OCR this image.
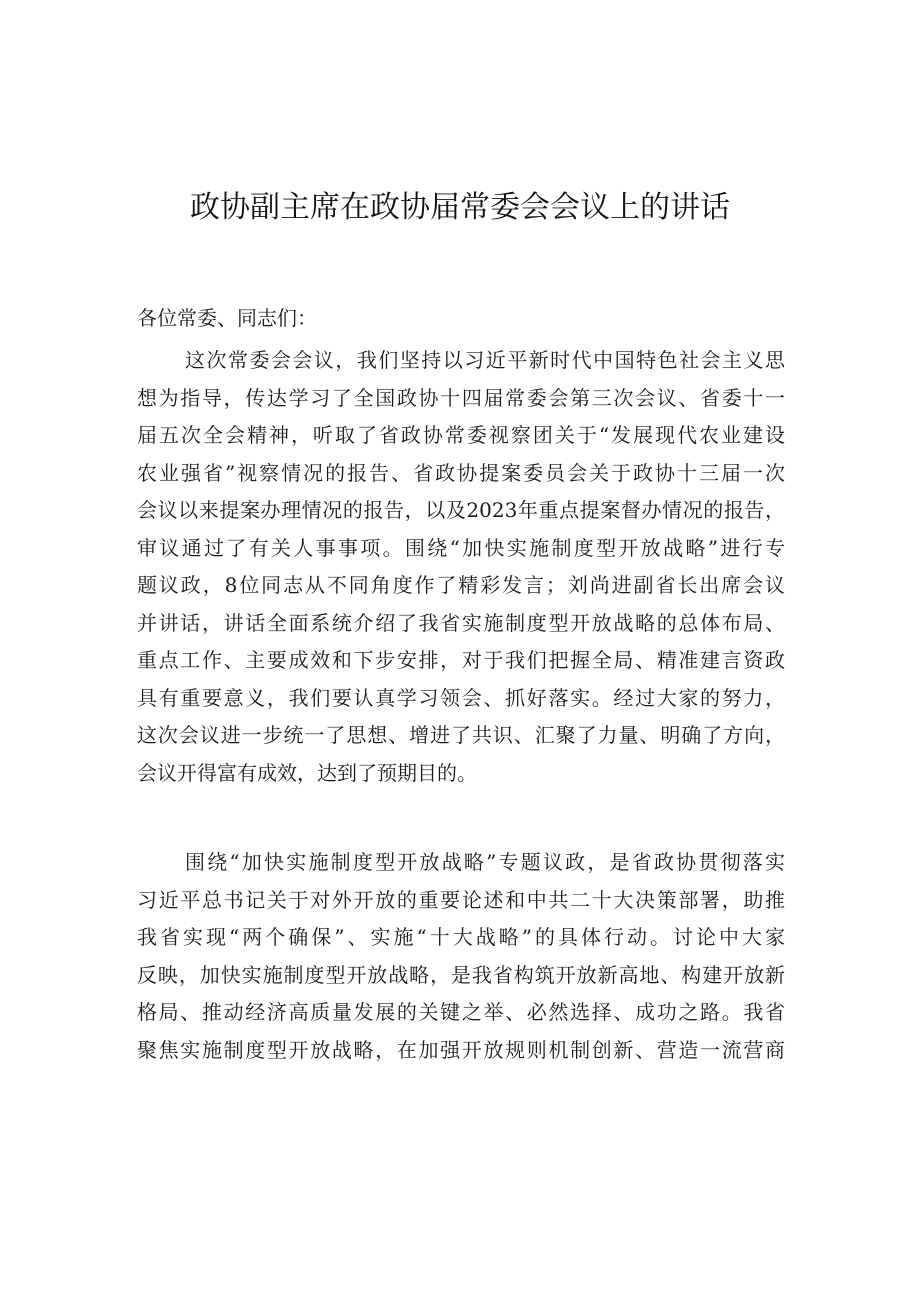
政协副主席在政协届常委会会议上的讲话

各位常委、同志们：

这次常委会会议，我们坚持以习近平新时代中国特色社会主义思
想为指导，传达学习了全国政协十四届常委会第三次会议、省委十一
届五次全会精神，听取了省政协常委视察团关于“发展现代农业建设
农业强省”视察情况的报告、省政协提案委员会关于政协十三届一次
会议以来提案办理情况的报告，以及2023年重点提案督办情况的报告，
审议通过了有关人事事项。围绕“加快实施制度型开放战略”进行专
题议政，8位同志从不同角度作了精彩发言；刘尚进副省长出席会议
并讲话，讲话全面系统介绍了我省实施制度型开放战略的总体布局、
重点工作、主要成效和下步安排，对于我们把握全局、精准建言资政
具有重要意义，我们要认真学习领会、抓好落实。经过大家的努力，
这次会议进一步统一了思想、增进了共识、汇聚了力量、明确了方向，
会议开得富有成效，达到了预期目的。
围绕“加快实施制度型开放战略”专题议政，是省政协贯彻落实
习近平总书记关于对外开放的重要论述和中共二十大决策部署，助推
我省实现“两个确保”、实施“十大战略”的具体行动。讨论中大家
反映，加快实施制度型开放战略，是我省构筑开放新高地、构建开放新
格局、推动经济高质量发展的关键之举、必然选择、成功之路。我省
聚焦实施制度型开放战略，在加强开放规则机制创新、营造一流营商
